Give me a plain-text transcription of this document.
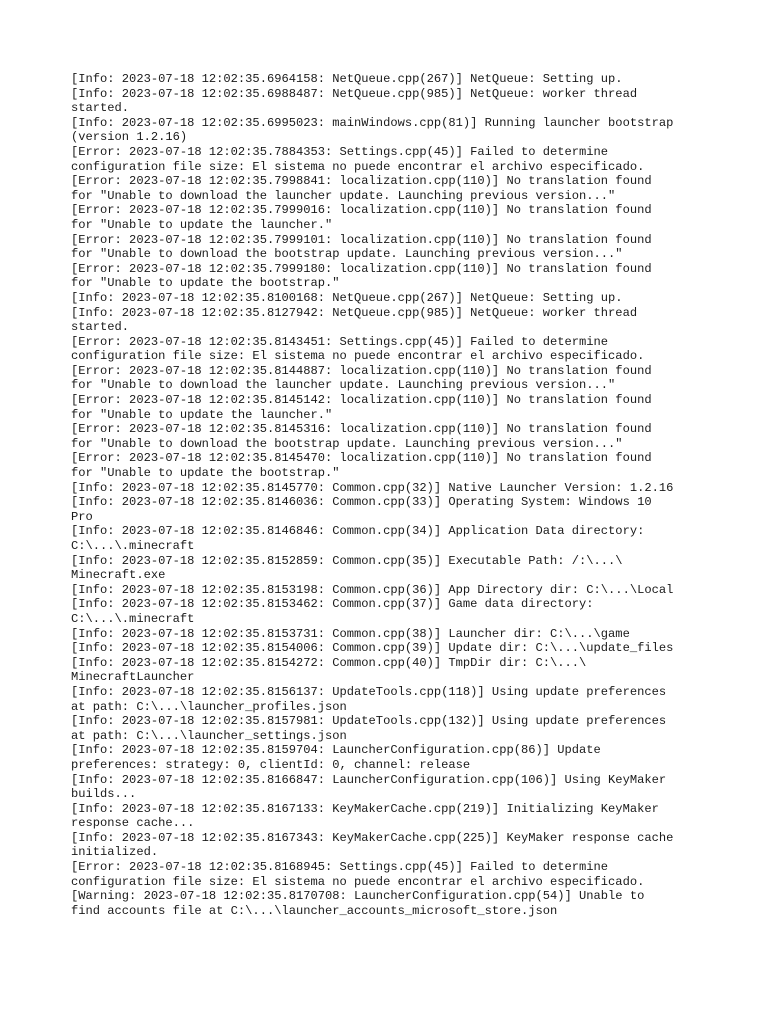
[Info: 2023-07-18 12:02:35.6964158: NetQueue.cpp(267)] NetQueue: Setting up.
[Info: 2023-07-18 12:02:35.6988487: NetQueue.cpp(985)] NetQueue: worker thread
started.
[Info: 2023-07-18 12:02:35.6995023: mainWindows.cpp(81)] Running launcher bootstrap
(version 1.2.16)
[Error: 2023-07-18 12:02:35.7884353: Settings.cpp(45)] Failed to determine
configuration file size: El sistema no puede encontrar el archivo especificado.
[Error: 2023-07-18 12:02:35.7998841: localization.cpp(110)] No translation found
for "Unable to download the launcher update. Launching previous version..."
[Error: 2023-07-18 12:02:35.7999016: localization.cpp(110)] No translation found
for "Unable to update the launcher."
[Error: 2023-07-18 12:02:35.7999101: localization.cpp(110)] No translation found
for "Unable to download the bootstrap update. Launching previous version..."
[Error: 2023-07-18 12:02:35.7999180: localization.cpp(110)] No translation found
for "Unable to update the bootstrap."
[Info: 2023-07-18 12:02:35.8100168: NetQueue.cpp(267)] NetQueue: Setting up.
[Info: 2023-07-18 12:02:35.8127942: NetQueue.cpp(985)] NetQueue: worker thread
started.
[Error: 2023-07-18 12:02:35.8143451: Settings.cpp(45)] Failed to determine
configuration file size: El sistema no puede encontrar el archivo especificado.
[Error: 2023-07-18 12:02:35.8144887: localization.cpp(110)] No translation found
for "Unable to download the launcher update. Launching previous version..."
[Error: 2023-07-18 12:02:35.8145142: localization.cpp(110)] No translation found
for "Unable to update the launcher."
[Error: 2023-07-18 12:02:35.8145316: localization.cpp(110)] No translation found
for "Unable to download the bootstrap update. Launching previous version..."
[Error: 2023-07-18 12:02:35.8145470: localization.cpp(110)] No translation found
for "Unable to update the bootstrap."
[Info: 2023-07-18 12:02:35.8145770: Common.cpp(32)] Native Launcher Version: 1.2.16
[Info: 2023-07-18 12:02:35.8146036: Common.cpp(33)] Operating System: Windows 10
Pro
[Info: 2023-07-18 12:02:35.8146846: Common.cpp(34)] Application Data directory:
C:\...\.minecraft
[Info: 2023-07-18 12:02:35.8152859: Common.cpp(35)] Executable Path: /:\...\
Minecraft.exe
[Info: 2023-07-18 12:02:35.8153198: Common.cpp(36)] App Directory dir: C:\...\Local
[Info: 2023-07-18 12:02:35.8153462: Common.cpp(37)] Game data directory:
C:\...\.minecraft
[Info: 2023-07-18 12:02:35.8153731: Common.cpp(38)] Launcher dir: C:\...\game
[Info: 2023-07-18 12:02:35.8154006: Common.cpp(39)] Update dir: C:\...\update_files
[Info: 2023-07-18 12:02:35.8154272: Common.cpp(40)] TmpDir dir: C:\...\
MinecraftLauncher
[Info: 2023-07-18 12:02:35.8156137: UpdateTools.cpp(118)] Using update preferences
at path: C:\...\launcher_profiles.json
[Info: 2023-07-18 12:02:35.8157981: UpdateTools.cpp(132)] Using update preferences
at path: C:\...\launcher_settings.json
[Info: 2023-07-18 12:02:35.8159704: LauncherConfiguration.cpp(86)] Update
preferences: strategy: 0, clientId: 0, channel: release
[Info: 2023-07-18 12:02:35.8166847: LauncherConfiguration.cpp(106)] Using KeyMaker
builds...
[Info: 2023-07-18 12:02:35.8167133: KeyMakerCache.cpp(219)] Initializing KeyMaker
response cache...
[Info: 2023-07-18 12:02:35.8167343: KeyMakerCache.cpp(225)] KeyMaker response cache
initialized.
[Error: 2023-07-18 12:02:35.8168945: Settings.cpp(45)] Failed to determine
configuration file size: El sistema no puede encontrar el archivo especificado.
[Warning: 2023-07-18 12:02:35.8170708: LauncherConfiguration.cpp(54)] Unable to
find accounts file at C:\...\launcher_accounts_microsoft_store.json
